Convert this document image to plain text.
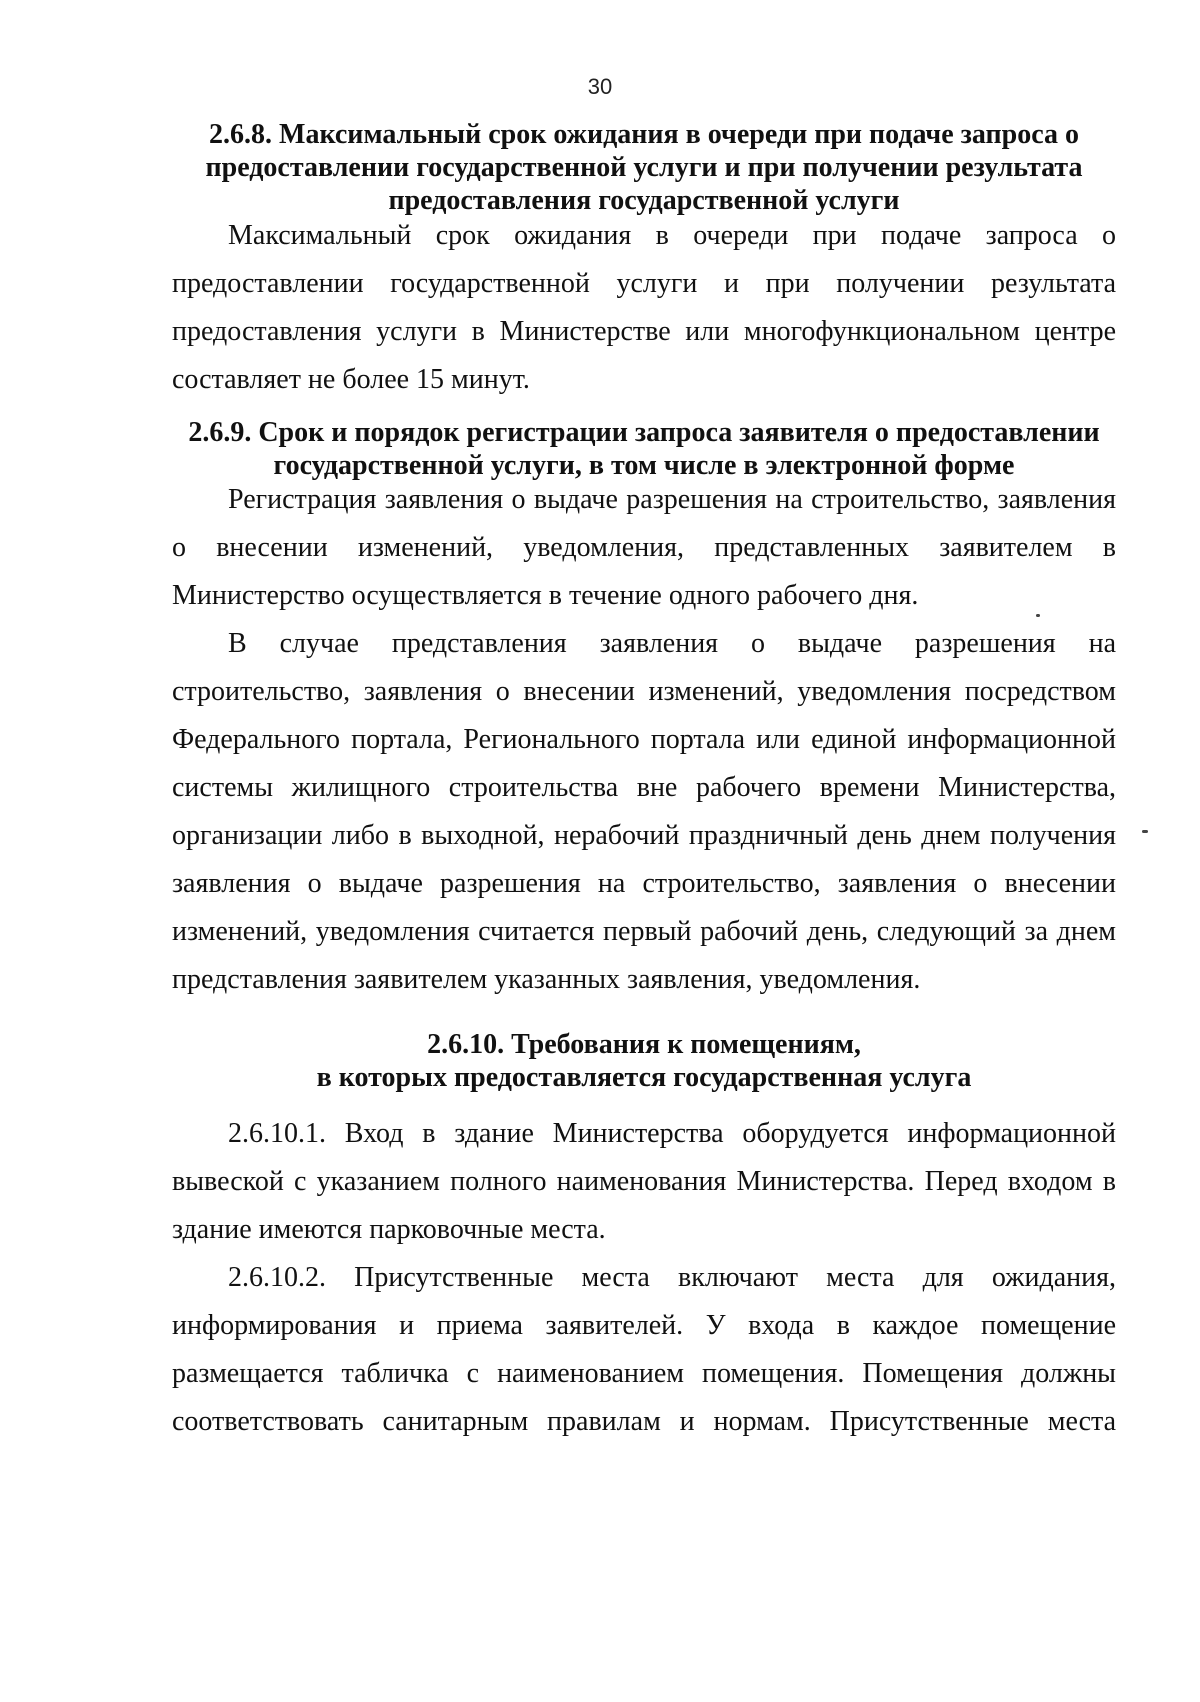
30
2.6.8. Максимальный срок ожидания в очереди при подаче запроса о
предоставлении государственной услуги и при получении результата
предоставления государственной услуги

Максимальный срок ожидания в очереди при подаче запроса о
предоставлении государственной услуги и при получении результата
предоставления услуги в Министерстве или многофункциональном центре
составляет не более 15 минут.

2.6.9. Срок и порядок регистрации запроса заявителя о предоставлении
государственной услуги, в том числе в электронной форме

Регистрация заявления о выдаче разрешения на строительство, заявления
о внесении изменений, уведомления, представленных заявителем в
Министерство осуществляется в течение одного рабочего дня.

В случае представления заявления о выдаче разрешения на
строительство, заявления о внесении изменений, уведомления посредством
Федерального портала, Регионального портала или единой информационной
системы жилищного строительства вне рабочего времени Министерства,
организации либо в выходной, нерабочий праздничный день днем получения
заявления о выдаче разрешения на строительство, заявления о внесении
изменений, уведомления считается первый рабочий день, следующий за днем
представления заявителем указанных заявления, уведомления.

2.6.10. Требования к помещениям,
в которых предоставляется государственная услуга

2.6.10.1. Вход в здание Министерства оборудуется информационной
вывеской с указанием полного наименования Министерства. Перед входом в
здание имеются парковочные места.

2.6.10.2. Присутственные места включают места для ожидания,
информирования и приема заявителей. У входа в каждое помещение
размещается табличка с наименованием помещения. Помещения должны
соответствовать санитарным правилам и нормам. Присутственные места
